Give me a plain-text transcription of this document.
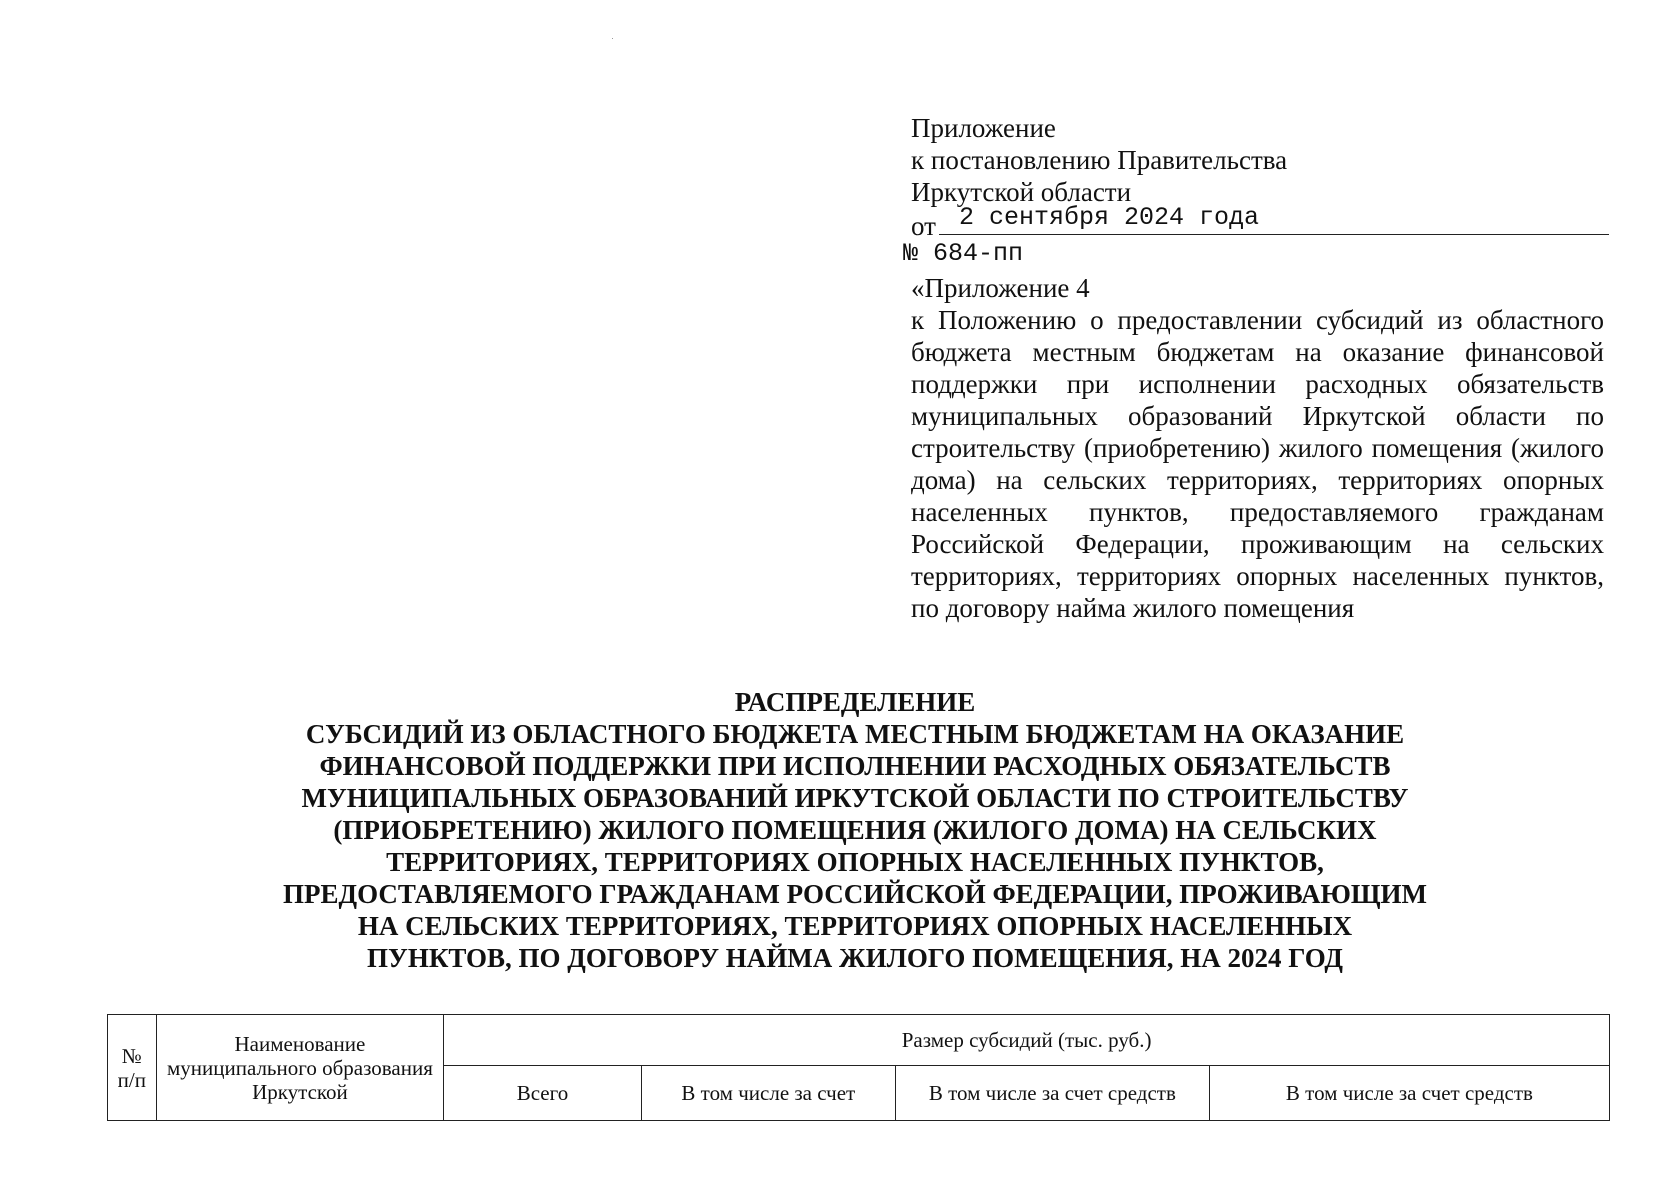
Приложение
к постановлению Правительства
Иркутской области
от 2 сентября 2024 года
№ 684-пп
«Приложение 4
к Положению о предоставлении субсидий из областного бюджета местным бюджетам на оказание финансовой поддержки при исполнении расходных обязательств муниципальных образований Иркутской области по строительству (приобретению) жилого помещения (жилого дома) на сельских территориях, территориях опорных населенных пунктов, предоставляемого гражданам Российской Федерации, проживающим на сельских территориях, территориях опорных населенных пунктов, по договору найма жилого помещения
РАСПРЕДЕЛЕНИЕ
СУБСИДИЙ ИЗ ОБЛАСТНОГО БЮДЖЕТА МЕСТНЫМ БЮДЖЕТАМ НА ОКАЗАНИЕ
ФИНАНСОВОЙ ПОДДЕРЖКИ ПРИ ИСПОЛНЕНИИ РАСХОДНЫХ ОБЯЗАТЕЛЬСТВ
МУНИЦИПАЛЬНЫХ ОБРАЗОВАНИЙ ИРКУТСКОЙ ОБЛАСТИ ПО СТРОИТЕЛЬСТВУ
(ПРИОБРЕТЕНИЮ) ЖИЛОГО ПОМЕЩЕНИЯ (ЖИЛОГО ДОМА) НА СЕЛЬСКИХ
ТЕРРИТОРИЯХ, ТЕРРИТОРИЯХ ОПОРНЫХ НАСЕЛЕННЫХ ПУНКТОВ,
ПРЕДОСТАВЛЯЕМОГО ГРАЖДАНАМ РОССИЙСКОЙ ФЕДЕРАЦИИ, ПРОЖИВАЮЩИМ
НА СЕЛЬСКИХ ТЕРРИТОРИЯХ, ТЕРРИТОРИЯХ ОПОРНЫХ НАСЕЛЕННЫХ
ПУНКТОВ, ПО ДОГОВОРУ НАЙМА ЖИЛОГО ПОМЕЩЕНИЯ, НА 2024 ГОД
№ п/п	Наименование муниципального образования Иркутской	Размер субсидий (тыс. руб.)			
		Всего	В том числе за счет	В том числе за счет средств	В том числе за счет средств
